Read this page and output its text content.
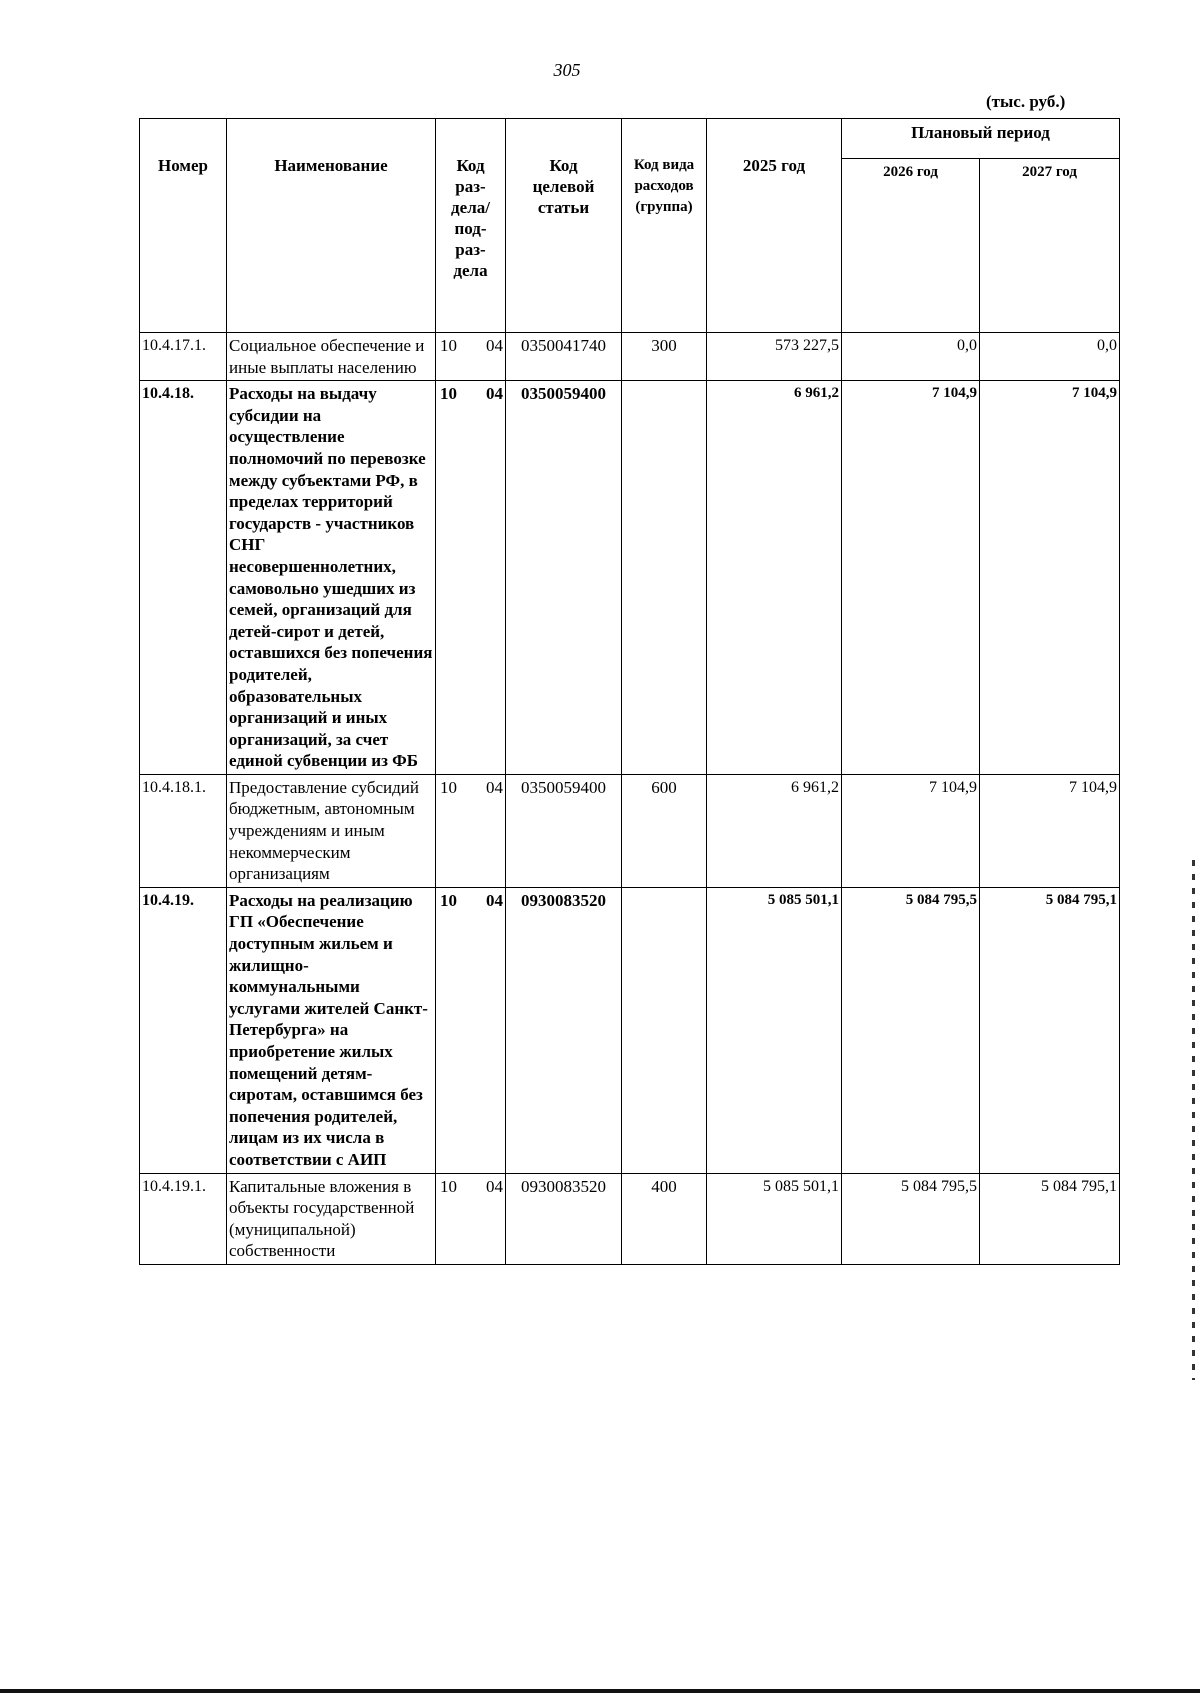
305
(тыс. руб.)
Номер	Наименование	Код раз-дела/ под-раз-дела	Код целевой статьи	Код вида расходов (группа)	2025 год	Плановый период	
						2026 год	2027 год
10.4.17.1.	Социальное обеспечение и иные выплаты населению	10 04	0350041740	300	573 227,5	0,0	0,0
10.4.18.	Расходы на выдачу субсидии на осуществление полномочий по перевозке между субъектами РФ, в пределах территорий государств - участников СНГ несовершеннолетних, самовольно ушедших из семей, организаций для детей-сирот и детей, оставшихся без попечения родителей, образовательных организаций и иных организаций, за счет единой субвенции из ФБ	10 04	0350059400		6 961,2	7 104,9	7 104,9
10.4.18.1.	Предоставление субсидий бюджетным, автономным учреждениям и иным некоммерческим организациям	10 04	0350059400	600	6 961,2	7 104,9	7 104,9
10.4.19.	Расходы на реализацию ГП «Обеспечение доступным жильем и жилищно-коммунальными услугами жителей Санкт-Петербурга» на приобретение жилых помещений детям-сиротам, оставшимся без попечения родителей, лицам из их числа в соответствии с АИП	10 04	0930083520		5 085 501,1	5 084 795,5	5 084 795,1
10.4.19.1.	Капитальные вложения в объекты государственной (муниципальной) собственности	10 04	0930083520	400	5 085 501,1	5 084 795,5	5 084 795,1
